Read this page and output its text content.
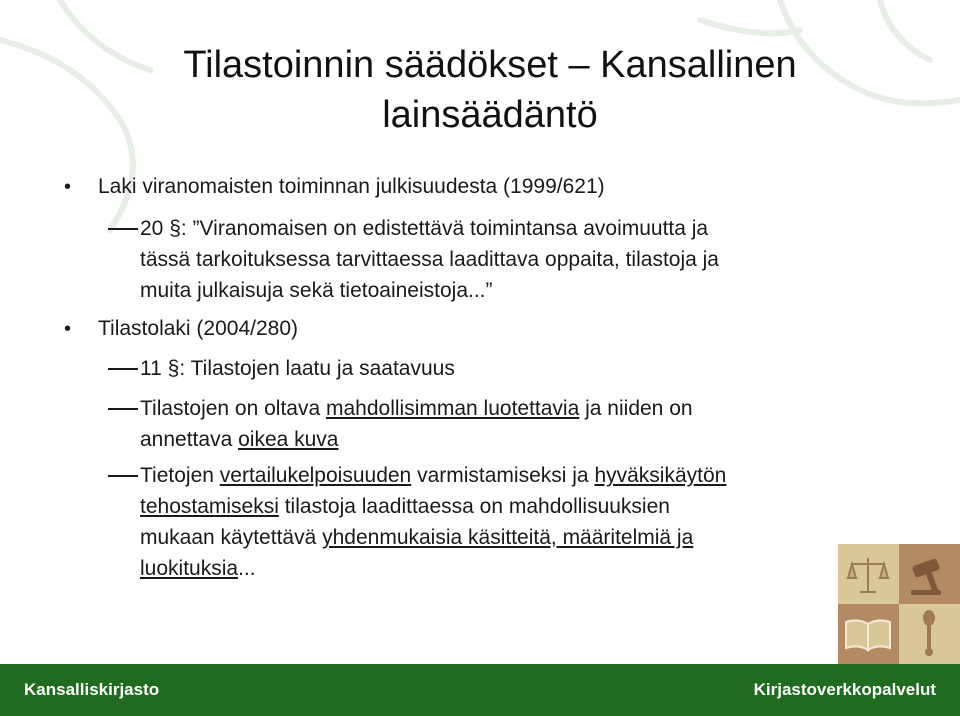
Tilastoinnin säädökset – Kansallinen
lainsäädäntö
• Laki viranomaisten toiminnan julkisuudesta (1999/621)
20 §: ”Viranomaisen on edistettävä toimintansa avoimuutta ja
tässä tarkoituksessa tarvittaessa laadittava oppaita, tilastoja ja
muita julkaisuja sekä tietoaineistoja...”
• Tilastolaki (2004/280)
11 §: Tilastojen laatu ja saatavuus
Tilastojen on oltava mahdollisimman luotettavia ja niiden on
annettava oikea kuva
Tietojen vertailukelpoisuuden varmistamiseksi ja hyväksikäytön
tehostamiseksi tilastoja laadittaessa on mahdollisuuksien
mukaan käytettävä yhdenmukaisia käsitteitä, määritelmiä ja
luokituksia...
Kansalliskirjasto	Kirjastoverkkopalvelut
